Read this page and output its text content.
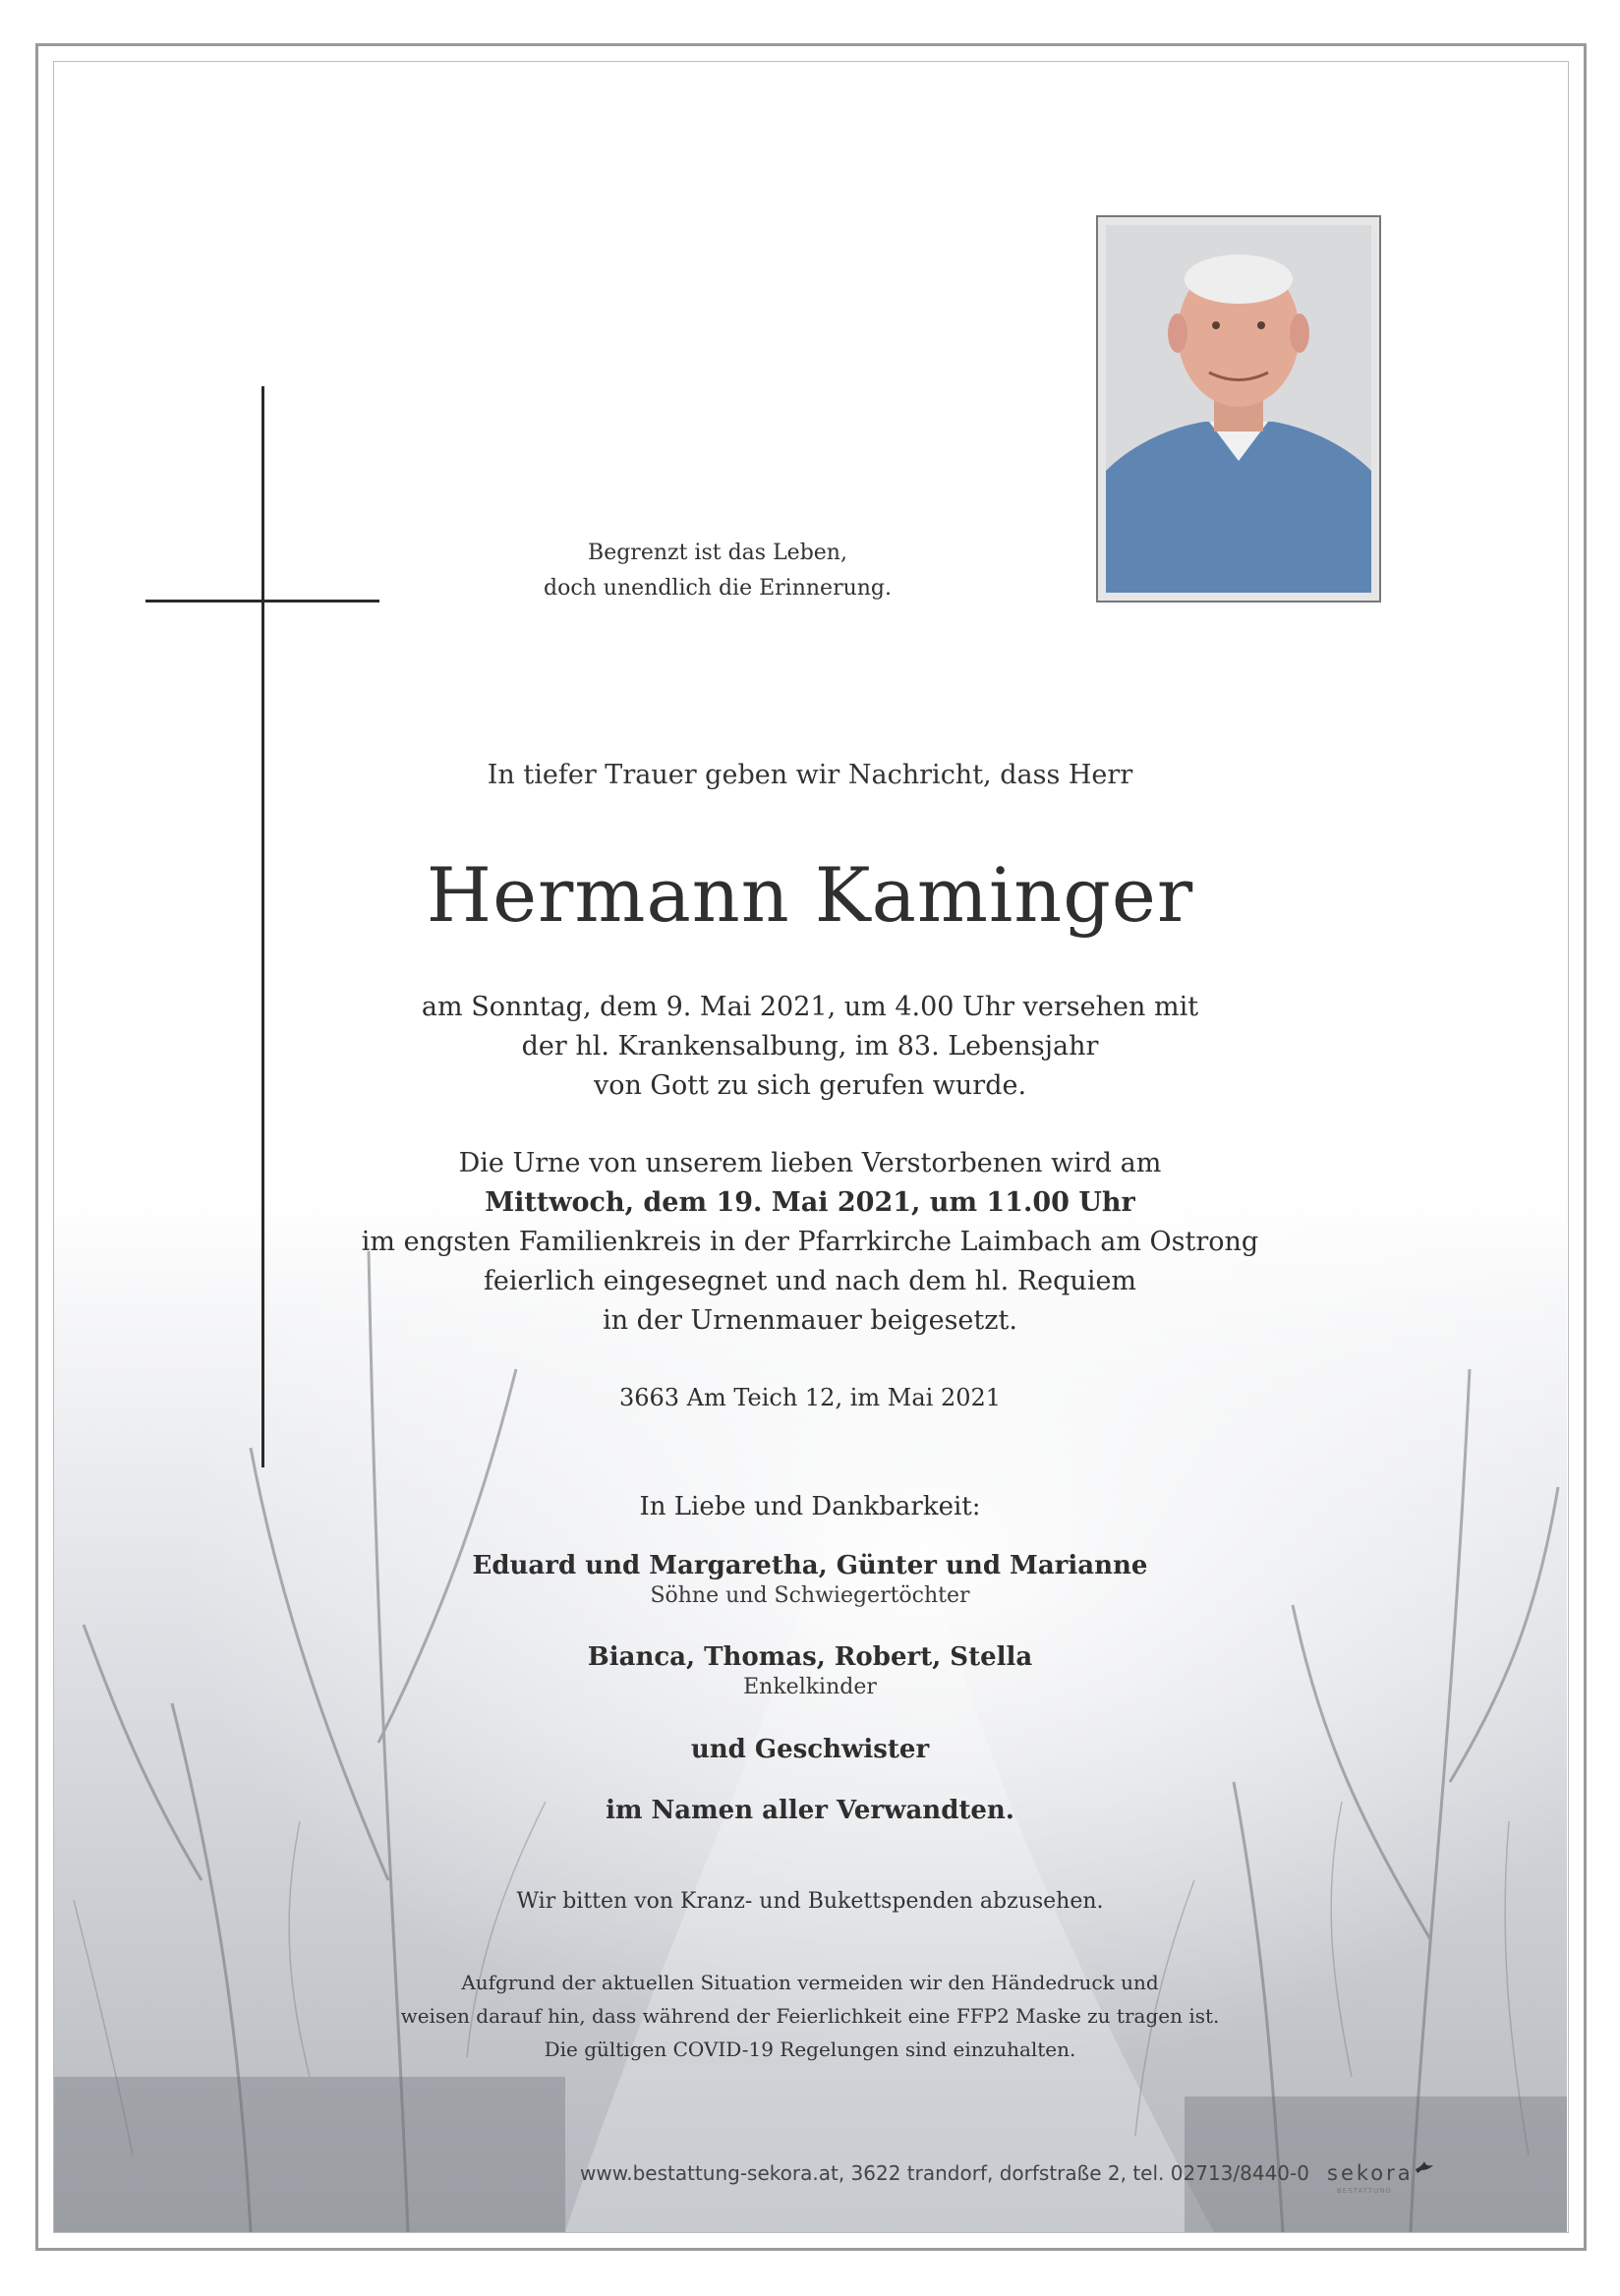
Begrenzt ist das Leben,
doch unendlich die Erinnerung.
In tiefer Trauer geben wir Nachricht, dass Herr
Hermann Kaminger
am Sonntag, dem 9. Mai 2021, um 4.00 Uhr versehen mit
der hl. Krankensalbung, im 83. Lebensjahr
von Gott zu sich gerufen wurde.
Die Urne von unserem lieben Verstorbenen wird am
Mittwoch, dem 19. Mai 2021, um 11.00 Uhr
im engsten Familienkreis in der Pfarrkirche Laimbach am Ostrong
feierlich eingesegnet und nach dem hl. Requiem
in der Urnenmauer beigesetzt.
3663 Am Teich 12, im Mai 2021
In Liebe und Dankbarkeit:
Eduard und Margaretha, Günter und Marianne
Söhne und Schwiegertöchter
Bianca, Thomas, Robert, Stella
Enkelkinder
und Geschwister
im Namen aller Verwandten.
Wir bitten von Kranz- und Bukettspenden abzusehen.
Aufgrund der aktuellen Situation vermeiden wir den Händedruck und
weisen darauf hin, dass während der Feierlichkeit eine FFP2 Maske zu tragen ist.
Die gültigen COVID-19 Regelungen sind einzuhalten.
www.bestattung-sekora.at, 3622 trandorf, dorfstraße 2, tel. 02713/8440-0 sekora
BESTATTUNG
